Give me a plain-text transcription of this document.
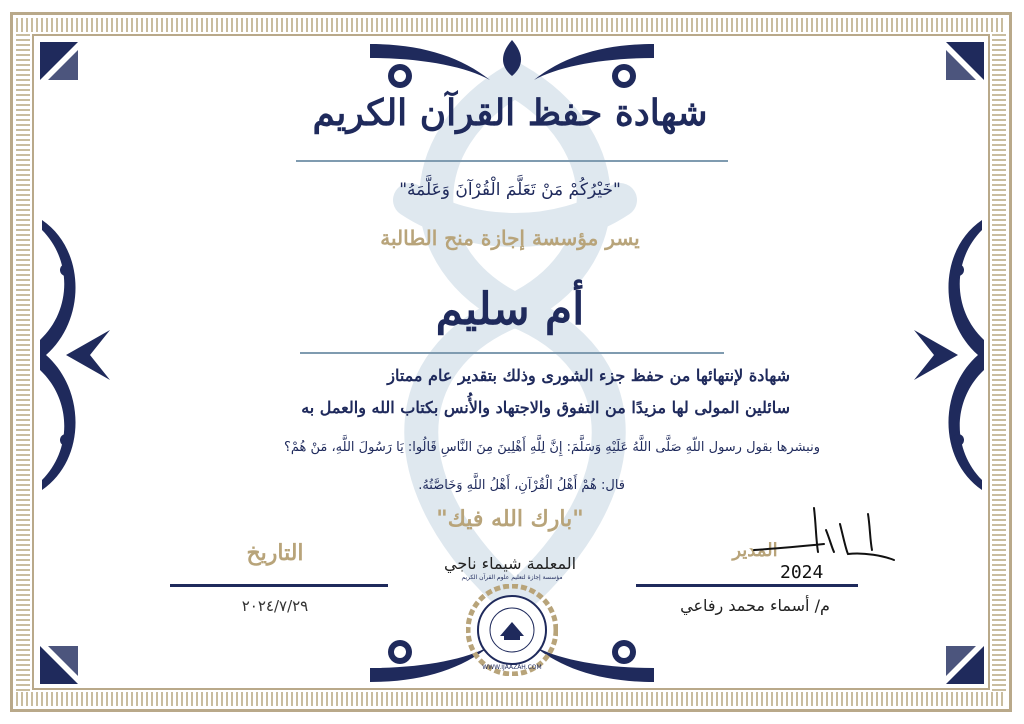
شهادة حفظ القرآن الكريم
"خَيْرُكُمْ مَنْ تَعَلَّمَ الْقُرْآنَ وَعَلَّمَهُ"
يسر مؤسسة إجازة منح الطالبة
أم سليم
شهادة لإنتهائها من حفظ جزء الشورى وذلك بتقدير عام ممتاز
سائلين المولى لها مزيدًا من التفوق والاجتهاد والأُنس بكتاب الله والعمل به
ونبشرها بقول رسول اللّهِ صَلَّى اللَّهُ عَلَيْهِ وَسَلَّمَ: إِنَّ لِلَّهِ أَهْلِينَ مِنَ النَّاسِ قَالُوا: يَا رَسُولَ اللَّهِ، مَنْ هُمْ؟
قال: هُمْ أَهْلُ الْقُرْآنِ، أَهْلُ اللَّهِ وَخَاصَّتُهُ.
"بارك الله فيك"
التاريخ
٢٠٢٤/٧/٢٩
المعلمة شيماء ناجي
المدير
م/ أسماء محمد رفاعي
2024
WWW.IJAAZAH.COM
مؤسسة إجازة لتعليم علوم القرآن الكريم
